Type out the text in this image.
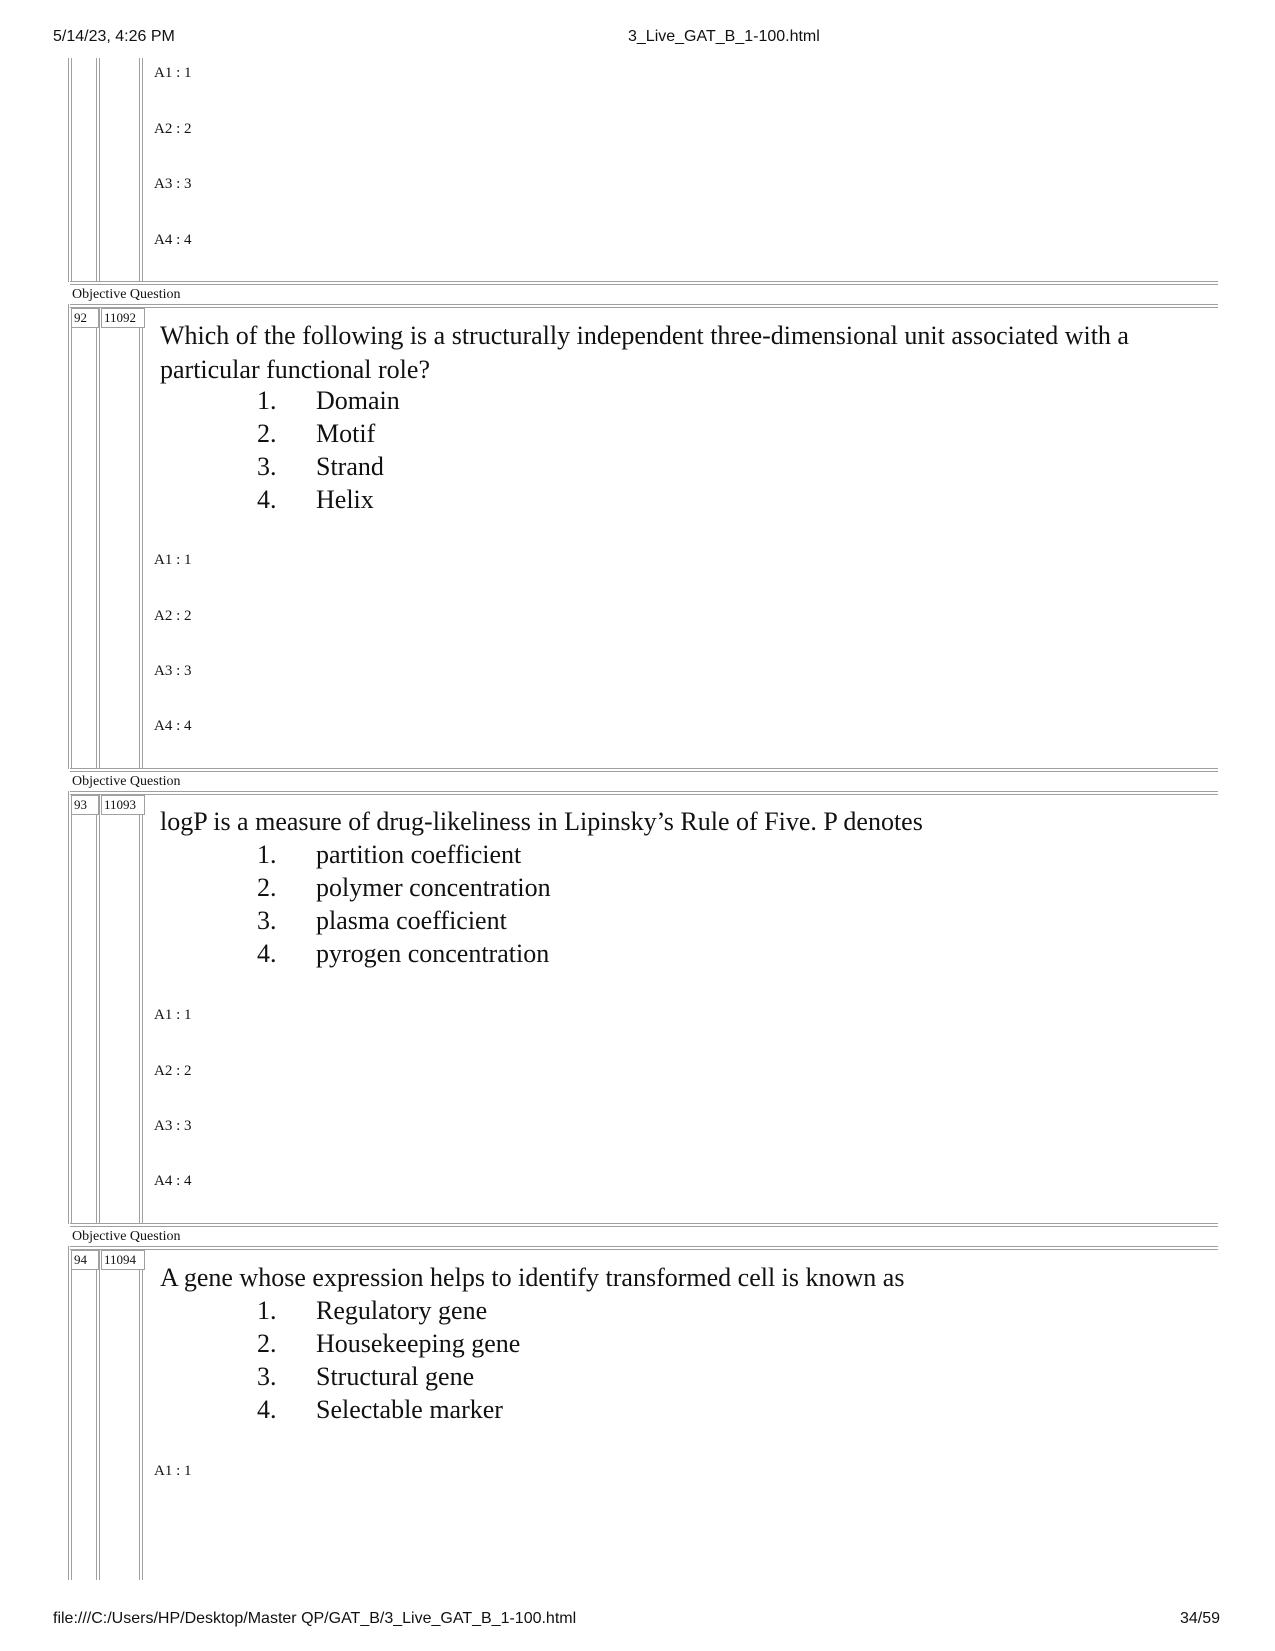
5/14/23, 4:26 PM	3_Live_GAT_B_1-100.html
A1 : 1
A2 : 2
A3 : 3
A4 : 4
Objective Question
92	11092
Which of the following is a structurally independent three-dimensional unit associated with a particular functional role?
1. Domain
2. Motif
3. Strand
4. Helix
A1 : 1
A2 : 2
A3 : 3
A4 : 4
Objective Question
93	11093
logP is a measure of drug-likeliness in Lipinsky’s Rule of Five. P denotes
1. partition coefficient
2. polymer concentration
3. plasma coefficient
4. pyrogen concentration
A1 : 1
A2 : 2
A3 : 3
A4 : 4
Objective Question
94	11094
A gene whose expression helps to identify transformed cell is known as
1. Regulatory gene
2. Housekeeping gene
3. Structural gene
4. Selectable marker
A1 : 1
file:///C:/Users/HP/Desktop/Master QP/GAT_B/3_Live_GAT_B_1-100.html	34/59
